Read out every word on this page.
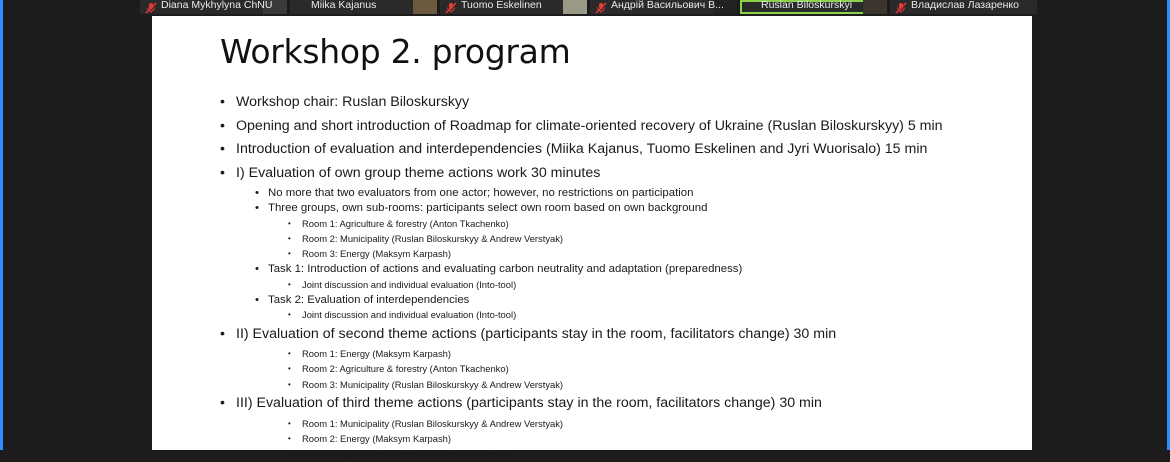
Diana Mykhylyna ChNU	Miika Kajanus	Tuomo Eskelinen	Андрій Васильович В...	Ruslan Biloskurskyi	Владислав Лазаренко
Workshop 2. program
• Workshop chair: Ruslan Biloskurskyy
• Opening and short introduction of Roadmap for climate-oriented recovery of Ukraine (Ruslan Biloskurskyy) 5 min
• Introduction of evaluation and interdependencies (Miika Kajanus, Tuomo Eskelinen and Jyri Wuorisalo) 15 min
• I) Evaluation of own group theme actions work 30 minutes
• No more that two evaluators from one actor; however, no restrictions on participation
• Three groups, own sub-rooms: participants select own room based on own background
• Room 1: Agriculture & forestry (Anton Tkachenko)
• Room 2: Municipality (Ruslan Biloskurskyy & Andrew Verstyak)
• Room 3: Energy (Maksym Karpash)
• Task 1: Introduction of actions and evaluating carbon neutrality and adaptation (preparedness)
• Joint discussion and individual evaluation (Into-tool)
• Task 2: Evaluation of interdependencies
• Joint discussion and individual evaluation (Into-tool)
• II) Evaluation of second theme actions (participants stay in the room, facilitators change) 30 min
• Room 1: Energy (Maksym Karpash)
• Room 2: Agriculture & forestry (Anton Tkachenko)
• Room 3: Municipality (Ruslan Biloskurskyy & Andrew Verstyak)
• III) Evaluation of third theme actions (participants stay in the room, facilitators change) 30 min
• Room 1: Municipality (Ruslan Biloskurskyy & Andrew Verstyak)
• Room 2: Energy (Maksym Karpash)
• Room 3: Agriculture & forestry (Anton Tkachenko)
